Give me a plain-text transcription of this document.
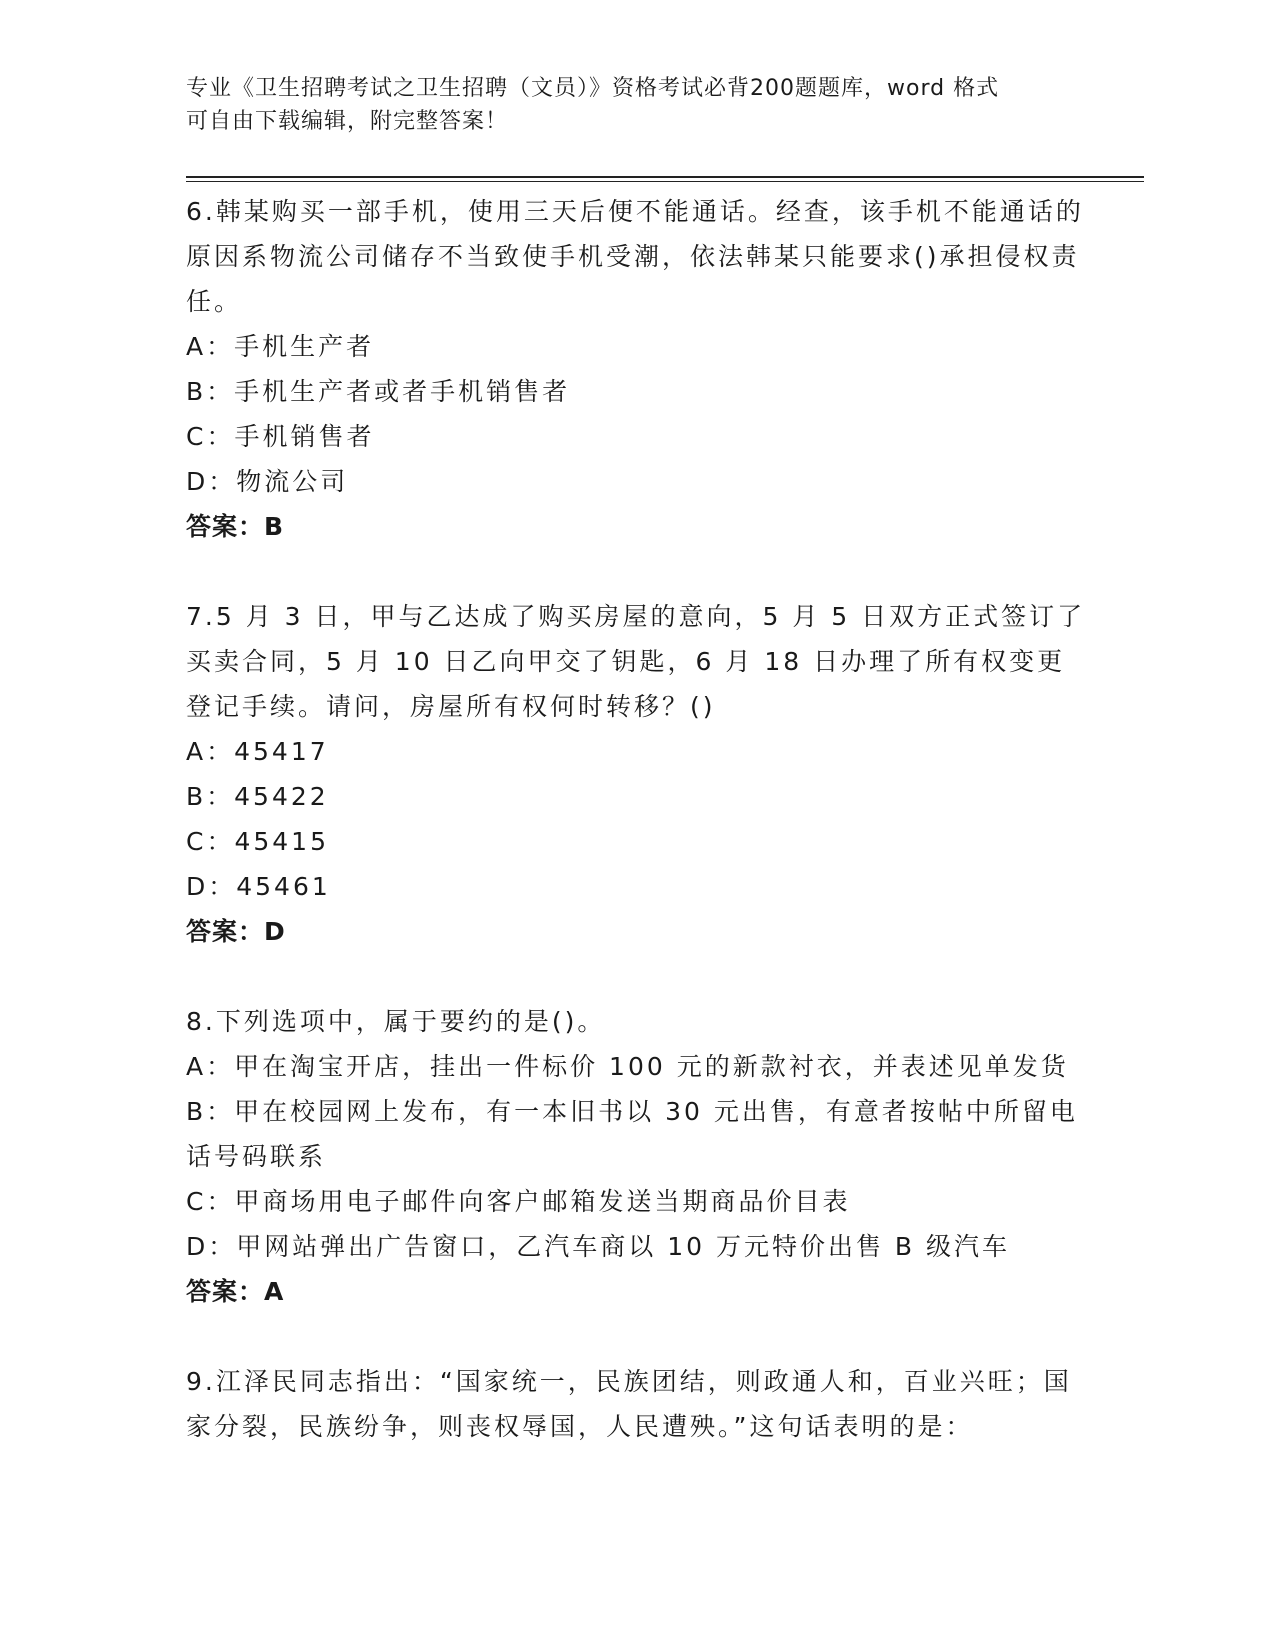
专业《卫生招聘考试之卫生招聘（文员）》资格考试必背200题题库，word 格式
可自由下载编辑，附完整答案！

6.韩某购买一部手机，使用三天后便不能通话。经查，该手机不能通话的原因系物流公司储存不当致使手机受潮，依法韩某只能要求()承担侵权责任。

A：手机生产者

B：手机生产者或者手机销售者

C：手机销售者

D：物流公司

答案：B

7.5 月 3 日，甲与乙达成了购买房屋的意向，5 月 5 日双方正式签订了买卖合同，5 月 10 日乙向甲交了钥匙，6 月 18 日办理了所有权变更登记手续。请问，房屋所有权何时转移？()

A：45417

B：45422

C：45415

D：45461

答案：D

8.下列选项中，属于要约的是()。

A：甲在淘宝开店，挂出一件标价 100 元的新款衬衣，并表述见单发货

B：甲在校园网上发布，有一本旧书以 30 元出售，有意者按帖中所留电话号码联系

C：甲商场用电子邮件向客户邮箱发送当期商品价目表

D：甲网站弹出广告窗口，乙汽车商以 10 万元特价出售 B 级汽车

答案：A

9.江泽民同志指出：“国家统一，民族团结，则政通人和，百业兴旺；国家分裂，民族纷争，则丧权辱国，人民遭殃。”这句话表明的是：
